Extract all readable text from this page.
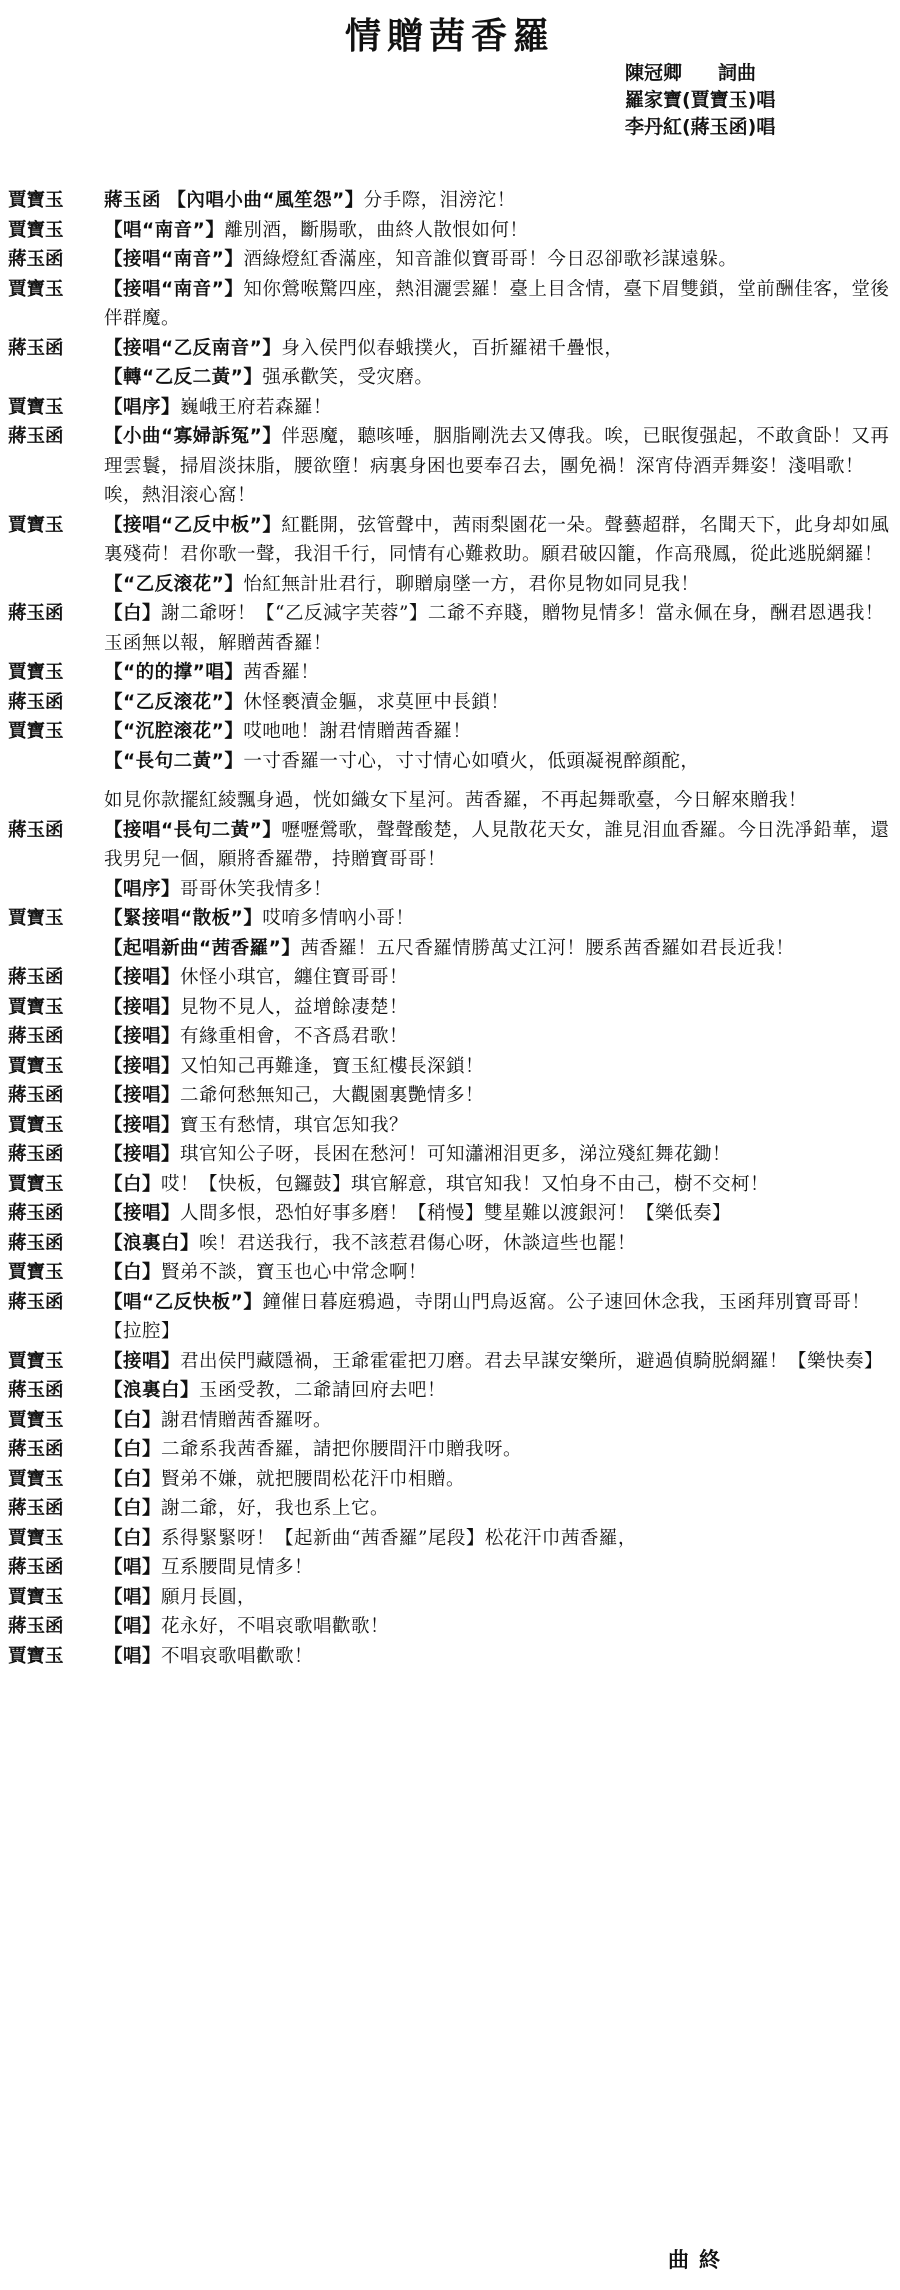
情贈茜香羅
陳冠卿 詞曲
羅家寶(賈寶玉)唱
李丹紅(蔣玉函)唱
賈寶玉	蔣玉函 【內唱小曲“風笙怨”】分手際，泪滂沱！
賈寶玉	【唱“南音”】離別酒，斷腸歌，曲終人散恨如何！
蔣玉函	【接唱“南音”】酒綠燈紅香滿座，知音誰似寶哥哥！今日忍卻歌衫謀遠躲。
賈寶玉	【接唱“南音”】知你鶯喉驚四座，熱泪灑雲羅！臺上目含情，臺下眉雙鎖，堂前酬佳客，堂後伴群魔。
蔣玉函	【接唱“乙反南音”】身入侯門似春蛾撲火，百折羅裙千疊恨，
【轉“乙反二黃”】强承歡笑，受灾磨。
賈寶玉	【唱序】巍峨王府若森羅！
蔣玉函	【小曲“寡婦訴冤”】伴惡魔，聽咳唾，胭脂剛洗去又傳我。唉，已眠復强起，不敢貪卧！又再理雲鬟，掃眉淡抹脂，腰欲墮！病裏身困也要奉召去，團免禍！深宵侍酒弄舞姿！淺唱歌！唉，熱泪滚心窩！
賈寶玉	【接唱“乙反中板”】紅氍開，弦管聲中，茜雨梨園花一朵。聲藝超群，名聞天下，此身却如風裏殘荷！君你歌一聲，我泪千行，同情有心難救助。願君破囚籠，作高飛鳳，從此逃脱網羅！
【“乙反滚花”】怡紅無計壯君行，聊贈扇墜一方，君你見物如同見我！
蔣玉函	【白】謝二爺呀！【“乙反減字芙蓉”】二爺不弃賤，贈物見情多！當永佩在身，酬君恩遇我！玉函無以報，解贈茜香羅！
賈寶玉	【“的的撑”唱】茜香羅！
蔣玉函	【“乙反滚花”】休怪褻瀆金軀，求莫匣中長鎖！
賈寶玉	【“沉腔滚花”】哎吔吔！謝君情贈茜香羅！
【“長句二黃”】一寸香羅一寸心，寸寸情心如噴火，低頭凝視醉顔酡，
如見你款擺紅綾飄身過，恍如織女下星河。茜香羅，不再起舞歌臺，今日解來贈我！
蔣玉函	【接唱“長句二黃”】嚦嚦鶯歌，聲聲酸楚，人見散花天女，誰見泪血香羅。今日洗凈鉛華，還我男兒一個，願將香羅帶，持贈寶哥哥！
【唱序】哥哥休笑我情多！
賈寶玉	【緊接唱“散板”】哎唷多情吶小哥！
【起唱新曲“茜香羅”】茜香羅！五尺香羅情勝萬丈江河！腰系茜香羅如君長近我！
蔣玉函	【接唱】休怪小琪官，纏住寶哥哥！
賈寶玉	【接唱】見物不見人，益增餘凄楚！
蔣玉函	【接唱】有緣重相會，不吝爲君歌！
賈寶玉	【接唱】又怕知己再難逢，寶玉紅樓長深鎖！
蔣玉函	【接唱】二爺何愁無知己，大觀園裏艷情多！
賈寶玉	【接唱】寶玉有愁情，琪官怎知我？
蔣玉函	【接唱】琪官知公子呀，長困在愁河！可知瀟湘泪更多，涕泣殘紅舞花鋤！
賈寶玉	【白】哎！【快板，包鑼鼓】琪官解意，琪官知我！又怕身不由己，樹不交柯！
蔣玉函	【接唱】人間多恨，恐怕好事多磨！【稍慢】雙星難以渡銀河！【樂低奏】
蔣玉函	【浪裏白】唉！君送我行，我不該惹君傷心呀，休談這些也罷！
賈寶玉	【白】賢弟不談，寶玉也心中常念啊！
蔣玉函	【唱“乙反快板”】鐘催日暮庭鴉過，寺閉山門鳥返窩。公子速回休念我，玉函拜別寶哥哥！【拉腔】
賈寶玉	【接唱】君出侯門藏隱禍，王爺霍霍把刀磨。君去早謀安樂所，避過偵騎脱網羅！【樂快奏】
蔣玉函	【浪裏白】玉函受教，二爺請回府去吧！
賈寶玉	【白】謝君情贈茜香羅呀。
蔣玉函	【白】二爺系我茜香羅，請把你腰間汗巾贈我呀。
賈寶玉	【白】賢弟不嫌，就把腰間松花汗巾相贈。
蔣玉函	【白】謝二爺，好，我也系上它。
賈寶玉	【白】系得緊緊呀！【起新曲“茜香羅”尾段】松花汗巾茜香羅，
蔣玉函	【唱】互系腰間見情多！
賈寶玉	【唱】願月長圓，
蔣玉函	【唱】花永好，不唱哀歌唱歡歌！
賈寶玉	【唱】不唱哀歌唱歡歌！
曲終
